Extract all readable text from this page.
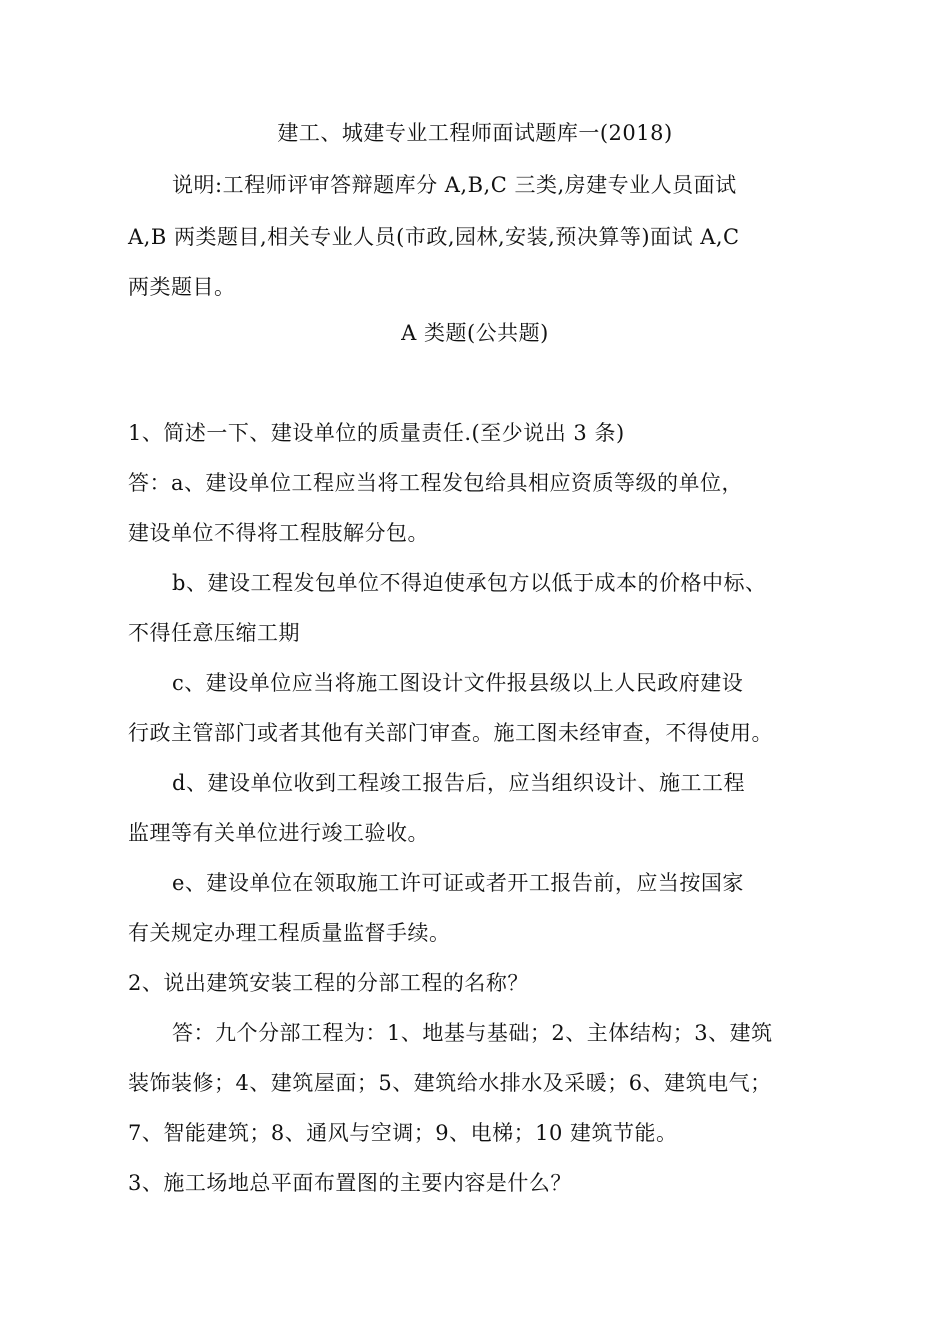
建工、城建专业工程师面试题库一(2018)
说明:工程师评审答辩题库分 A,B,C 三类,房建专业人员面试
A,B 两类题目,相关专业人员(市政,园林,安装,预决算等)面试 A,C
两类题目。
A 类题(公共题)
1、简述一下、建设单位的质量责任.(至少说出 3 条)
答：a、建设单位工程应当将工程发包给具相应资质等级的单位，
建设单位不得将工程肢解分包。
b、建设工程发包单位不得迫使承包方以低于成本的价格中标、
不得任意压缩工期
c、建设单位应当将施工图设计文件报县级以上人民政府建设
行政主管部门或者其他有关部门审查。施工图未经审查，不得使用。
d、建设单位收到工程竣工报告后，应当组织设计、施工工程
监理等有关单位进行竣工验收。
e、建设单位在领取施工许可证或者开工报告前，应当按国家
有关规定办理工程质量监督手续。
2、说出建筑安装工程的分部工程的名称？
答：九个分部工程为：1、地基与基础；2、主体结构；3、建筑
装饰装修；4、建筑屋面；5、建筑给水排水及采暖；6、建筑电气；
7、智能建筑；8、通风与空调；9、电梯；10 建筑节能。
3、施工场地总平面布置图的主要内容是什么？
